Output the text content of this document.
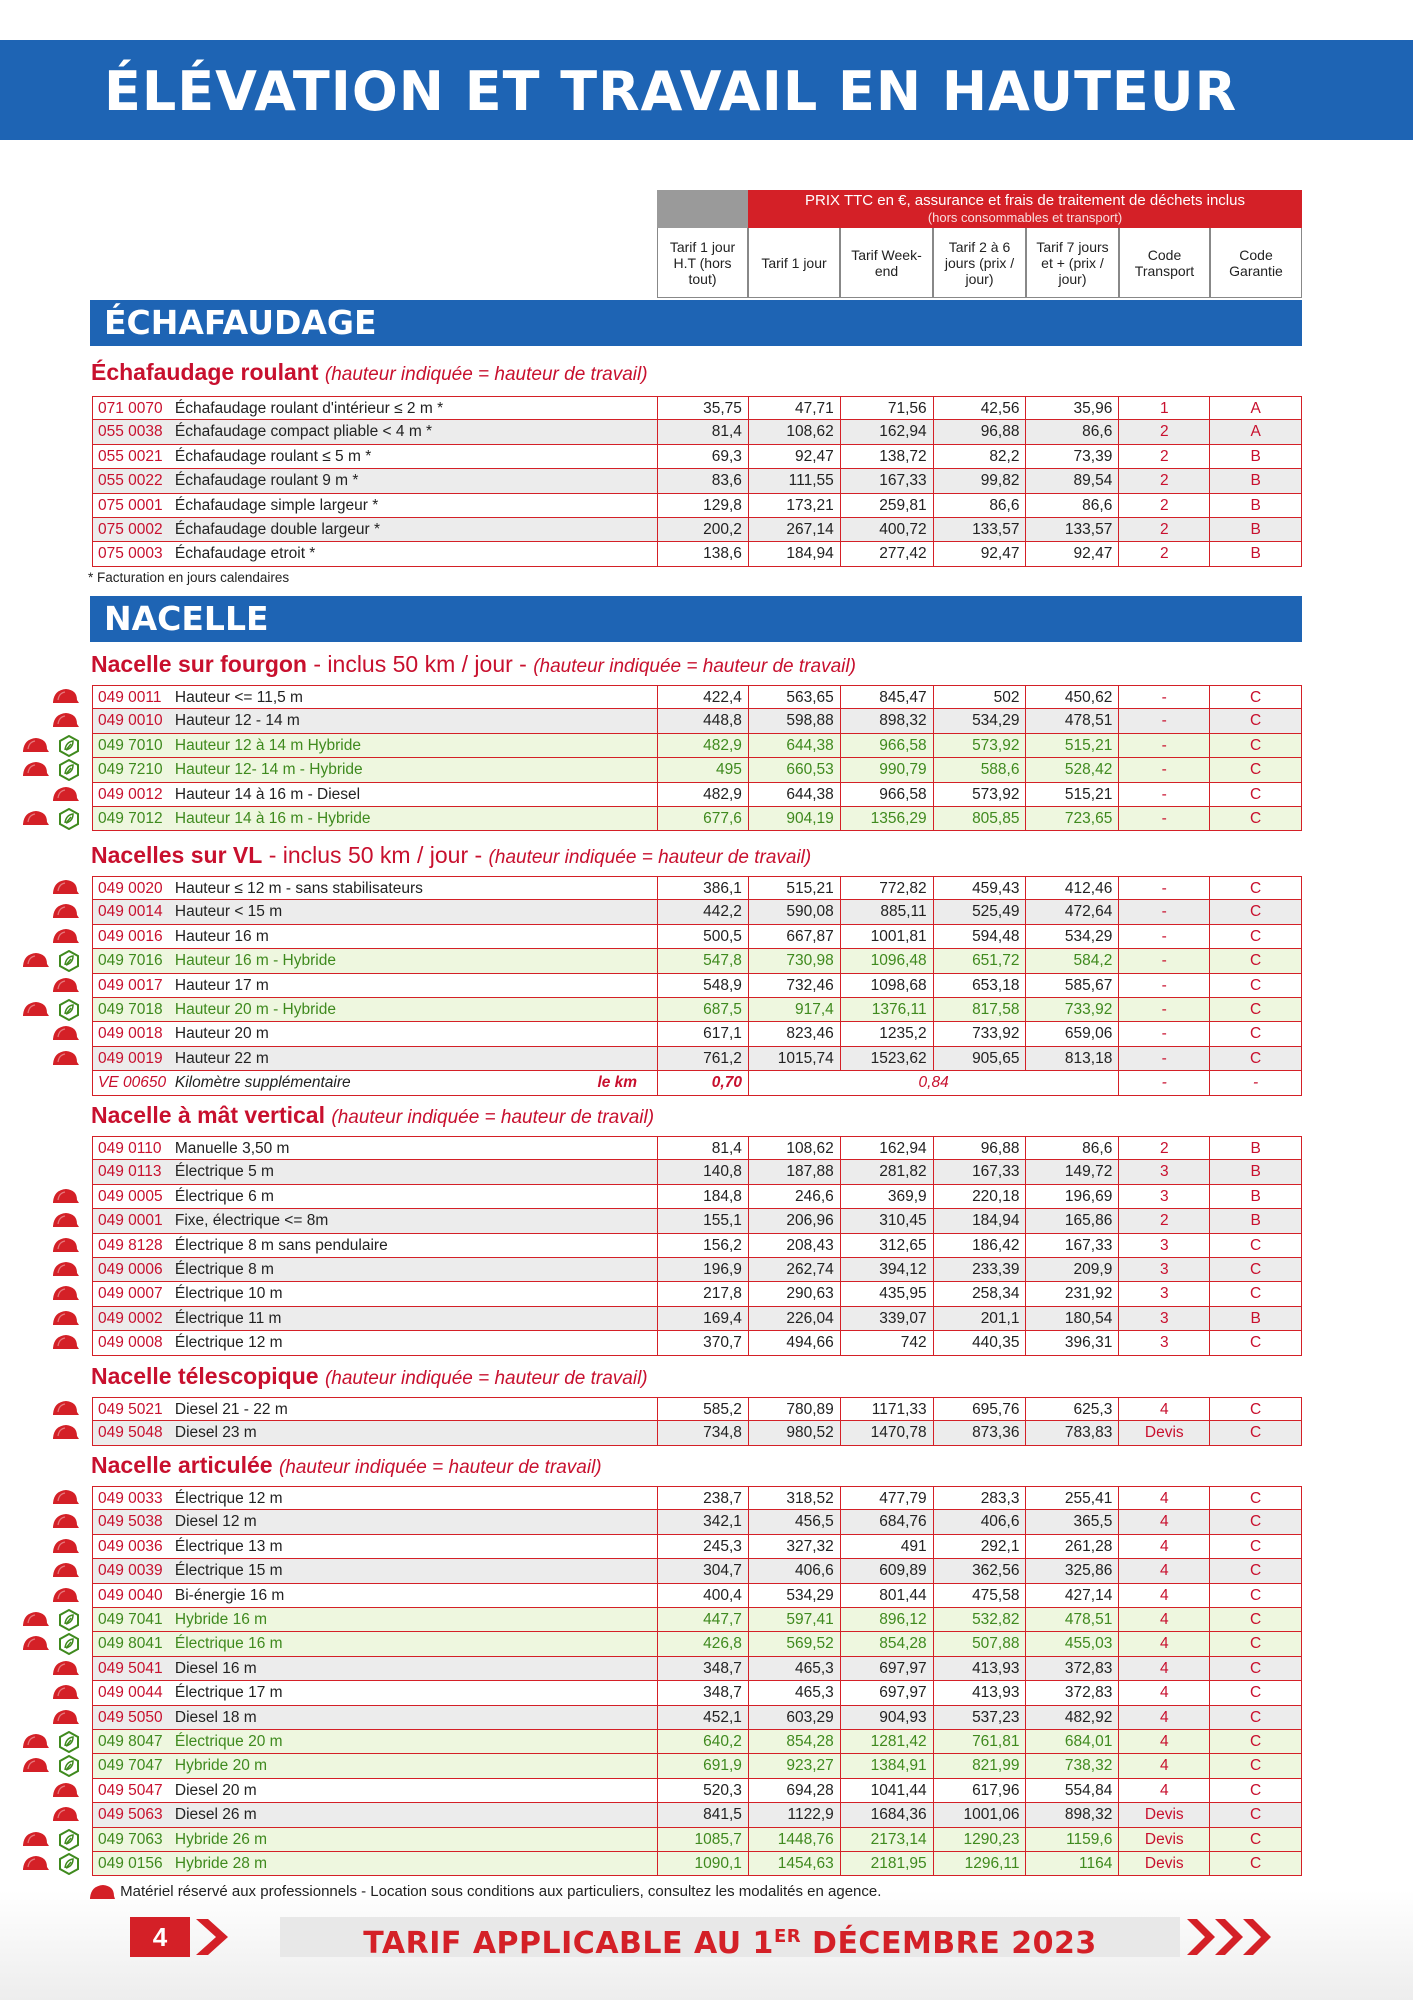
ÉLÉVATION ET TRAVAIL EN HAUTEUR
PRIX TTC en €, assurance et frais de traitement de déchets inclus
(hors consommables et transport)
Tarif 1 jour H.T (hors tout)
Tarif 1 jour	Tarif Week-end
Tarif 2 à 6 jours (prix / jour)
Tarif 7 jours et + (prix / jour)
Code Transport
Code Garantie
ÉCHAFAUDAGE
Échafaudage roulant (hauteur indiquée = hauteur de travail)
071 0070 Échafaudage roulant d'intérieur ≤ 2 m *	35,75	47,71	71,56	42,56	35,96	1	A
055 0038 Échafaudage compact pliable < 4 m *	81,4	108,62	162,94	96,88	86,6	2	A
055 0021 Échafaudage roulant ≤ 5 m *	69,3	92,47	138,72	82,2	73,39	2	B
055 0022 Échafaudage roulant 9 m *	83,6	111,55	167,33	99,82	89,54	2	B
075 0001 Échafaudage simple largeur *	129,8	173,21	259,81	86,6	86,6	2	B
075 0002 Échafaudage double largeur *	200,2	267,14	400,72	133,57	133,57	2	B
075 0003 Échafaudage etroit *	138,6	184,94	277,42	92,47	92,47	2	B
* Facturation en jours calendaires
NACELLE
Nacelle sur fourgon - inclus 50 km / jour - (hauteur indiquée = hauteur de travail)
049 0011 Hauteur <= 11,5 m	422,4	563,65	845,47	502	450,62	-	C
049 0010 Hauteur 12 - 14 m	448,8	598,88	898,32	534,29	478,51	-	C
049 7010 Hauteur 12 à 14 m Hybride	482,9	644,38	966,58	573,92	515,21	-	C
049 7210 Hauteur 12- 14 m - Hybride	495	660,53	990,79	588,6	528,42	-	C
049 0012 Hauteur 14 à 16 m - Diesel	482,9	644,38	966,58	573,92	515,21	-	C
049 7012 Hauteur 14 à 16 m - Hybride	677,6	904,19	1356,29	805,85	723,65	-	C
Nacelles sur VL - inclus 50 km / jour - (hauteur indiquée = hauteur de travail)
049 0020 Hauteur ≤ 12 m - sans stabilisateurs	386,1	515,21	772,82	459,43	412,46	-	C
049 0014 Hauteur < 15 m	442,2	590,08	885,11	525,49	472,64	-	C
049 0016 Hauteur 16 m	500,5	667,87	1001,81	594,48	534,29	-	C
049 7016 Hauteur 16 m - Hybride	547,8	730,98	1096,48	651,72	584,2	-	C
049 0017 Hauteur 17 m	548,9	732,46	1098,68	653,18	585,67	-	C
049 7018 Hauteur 20 m - Hybride	687,5	917,4	1376,11	817,58	733,92	-	C
049 0018 Hauteur 20 m	617,1	823,46	1235,2	733,92	659,06	-	C
049 0019 Hauteur 22 m	761,2	1015,74	1523,62	905,65	813,18	-	C
VE 00650 Kilomètre supplémentaire	le km	0,70	0,84	-	-
Nacelle à mât vertical (hauteur indiquée = hauteur de travail)
049 0110 Manuelle 3,50 m	81,4	108,62	162,94	96,88	86,6	2	B
049 0113 Électrique 5 m	140,8	187,88	281,82	167,33	149,72	3	B
049 0005 Électrique 6 m	184,8	246,6	369,9	220,18	196,69	3	B
049 0001 Fixe, électrique <= 8m	155,1	206,96	310,45	184,94	165,86	2	B
049 8128 Électrique 8 m sans pendulaire	156,2	208,43	312,65	186,42	167,33	3	C
049 0006 Électrique 8 m	196,9	262,74	394,12	233,39	209,9	3	C
049 0007 Électrique 10 m	217,8	290,63	435,95	258,34	231,92	3	C
049 0002 Électrique 11 m	169,4	226,04	339,07	201,1	180,54	3	B
049 0008 Électrique 12 m	370,7	494,66	742	440,35	396,31	3	C
Nacelle télescopique (hauteur indiquée = hauteur de travail)
049 5021 Diesel 21 - 22 m	585,2	780,89	1171,33	695,76	625,3	4	C
049 5048 Diesel 23 m	734,8	980,52	1470,78	873,36	783,83	Devis	C
Nacelle articulée (hauteur indiquée = hauteur de travail)
049 0033 Électrique 12 m	238,7	318,52	477,79	283,3	255,41	4	C
049 5038 Diesel 12 m	342,1	456,5	684,76	406,6	365,5	4	C
049 0036 Électrique 13 m	245,3	327,32	491	292,1	261,28	4	C
049 0039 Électrique 15 m	304,7	406,6	609,89	362,56	325,86	4	C
049 0040 Bi-énergie 16 m	400,4	534,29	801,44	475,58	427,14	4	C
049 7041 Hybride 16 m	447,7	597,41	896,12	532,82	478,51	4	C
049 8041 Électrique 16 m	426,8	569,52	854,28	507,88	455,03	4	C
049 5041 Diesel 16 m	348,7	465,3	697,97	413,93	372,83	4	C
049 0044 Électrique 17 m	348,7	465,3	697,97	413,93	372,83	4	C
049 5050 Diesel 18 m	452,1	603,29	904,93	537,23	482,92	4	C
049 8047 Électrique 20 m	640,2	854,28	1281,42	761,81	684,01	4	C
049 7047 Hybride 20 m	691,9	923,27	1384,91	821,99	738,32	4	C
049 5047 Diesel 20 m	520,3	694,28	1041,44	617,96	554,84	4	C
049 5063 Diesel 26 m	841,5	1122,9	1684,36	1001,06	898,32	Devis	C
049 7063 Hybride 26 m	1085,7	1448,76	2173,14	1290,23	1159,6	Devis	C
049 0156 Hybride 28 m	1090,1	1454,63	2181,95	1296,11	1164	Devis	C
Matériel réservé aux professionnels - Location sous conditions aux particuliers, consultez les modalités en agence.
4	TARIF APPLICABLE AU 1ER DÉCEMBRE 2023
